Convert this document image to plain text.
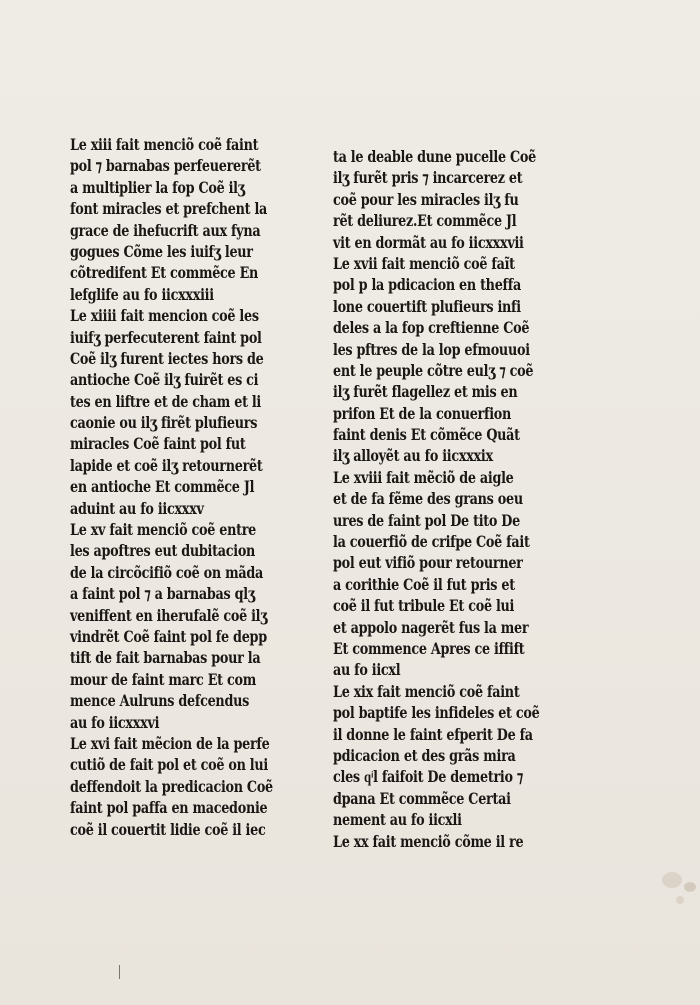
Le xiii fait menciõ coẽ faint
pol ⁊ barnabas perfeuererẽt
a multiplier la fop Coẽ ilʒ
font miracles et prefchent la
grace de ihefucrift aux fyna
gogues Cõme les iuifʒ leur
cõtredifent Et commẽce En
lefglife au fo iicxxxiii
Le xiiii fait mencion coẽ les
iuifʒ perfecuterent faint pol
Coẽ ilʒ furent iectes hors de
antioche Coẽ ilʒ fuirẽt es ci
tes en liftre et de cham et li
caonie ou ilʒ firẽt plufieurs
miracles Coẽ faint pol fut
lapide et coẽ ilʒ retournerẽt
en antioche Et commẽce Jl
aduint au fo iicxxxv
Le xv fait menciõ coẽ entre
les apoftres eut dubitacion
de la circõcifiõ coẽ on mãda
a faint pol ⁊ a barnabas qlʒ
veniffent en iherufalẽ coẽ ilʒ
vindrẽt Coẽ faint pol fe depp
tift de fait barnabas pour la
mour de faint marc Et com
mence Aulruns defcendus
au fo iicxxxvi
Le xvi fait mẽcion de la perfe
cutiõ de fait pol et coẽ on lui
deffendoit la predicacion Coẽ
faint pol paffa en macedonie
coẽ il couertit lidie coẽ il iec
ta le deable dune pucelle Coẽ
ilʒ furẽt pris ⁊ incarcerez et
coẽ pour les miracles ilʒ fu
rẽt deliurez.Et commẽce Jl
vit en dormãt au fo iicxxxvii
Le xvii fait menciõ coẽ faĩt
pol p la pdicacion en theffa
lone couertift plufieurs infi
deles a la fop creftienne Coẽ
les pftres de la lop efmouuoi
ent le peuple cõtre eulʒ ⁊ coẽ
ilʒ furẽt flagellez et mis en
prifon Et de la conuerfion
faint denis Et cõmẽce Quãt
ilʒ alloyẽt au fo iicxxxix
Le xviii fait mẽciõ de aigle
et de fa fẽme des grans oeu
ures de faint pol De tito De
la couerfiõ de crifpe Coẽ fait
pol eut vifiõ pour retourner
a corithie Coẽ il fut pris et
coẽ il fut tribule Et coẽ lui
et appolo nagerẽt fus la mer
Et commence Apres ce iffift
au fo iicxl
Le xix fait menciõ coẽ faint
pol baptife les infideles et coẽ
il donne le faint efperit De fa
pdicacion et des grãs mira
cles qͥl faifoit De demetrio ⁊
dpana Et commẽce Certai
nement au fo iicxli
Le xx fait menciõ cõme il re
